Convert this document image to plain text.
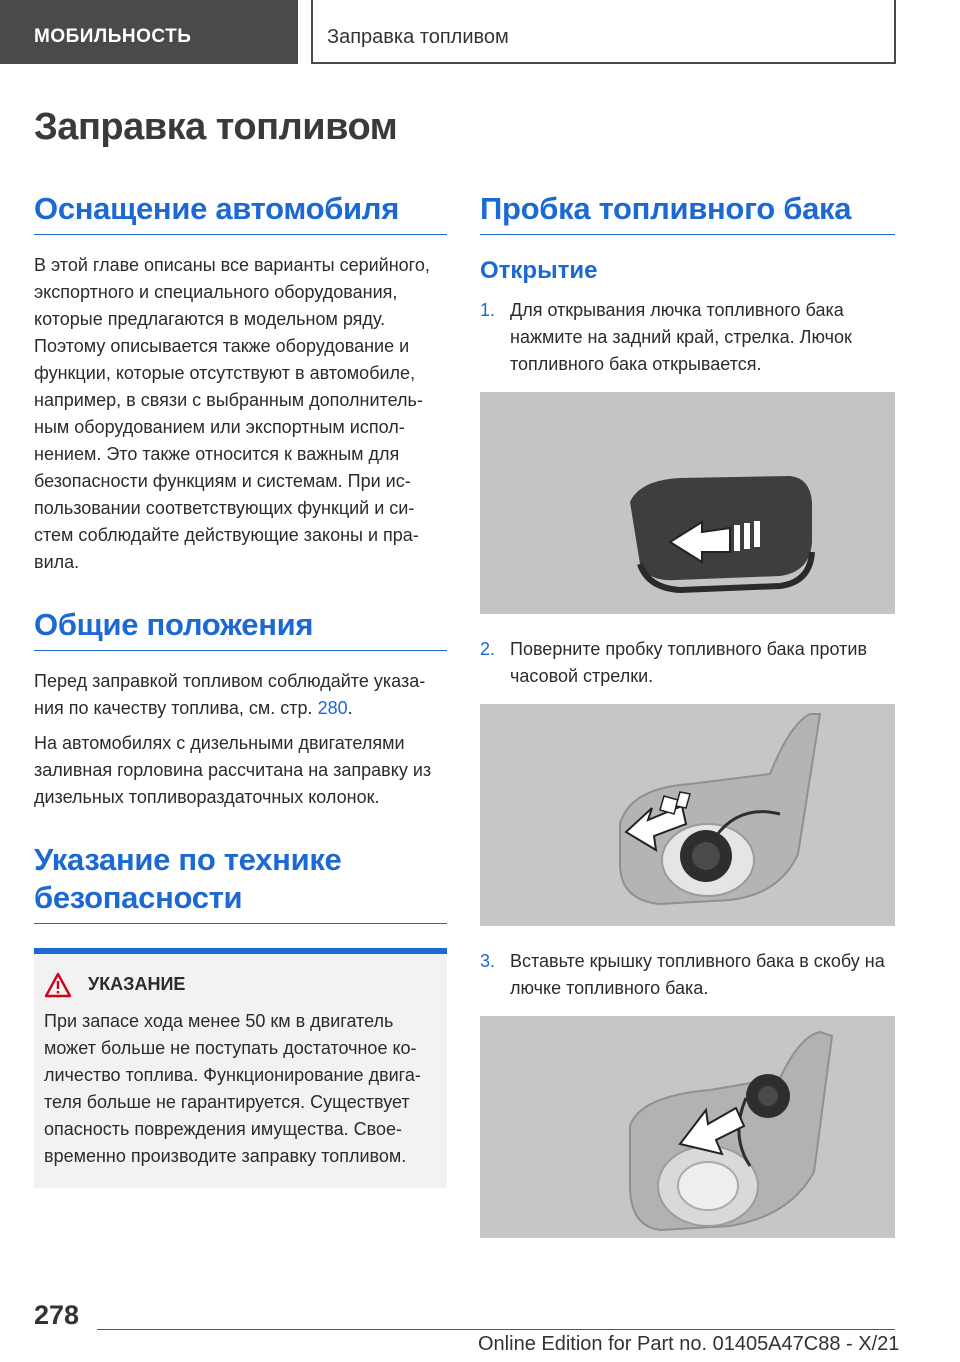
МОБИЛЬНОСТЬ	Заправка топливом
Заправка топливом
Оснащение автомобиля

В этой главе описаны все варианты серийного, экспортного и специального оборудования, которые предлагаются в модельном ряду. Поэтому описывается также оборудование и функции, которые отсутствуют в автомобиле, например, в связи с выбранным дополнительным оборудованием или экспортным исполнением. Это также относится к важным для безопасности функциям и системам. При использовании соответствующих функций и систем соблюдайте действующие законы и правила.

Общие положения

Перед заправкой топливом соблюдайте указания по качеству топлива, см. стр. 280.

На автомобилях с дизельными двигателями заливная горловина рассчитана на заправку из дизельных топливораздаточных колонок.

Указание по технике безопасности
УКАЗАНИЕ

При запасе хода менее 50 км в двигатель может больше не поступать достаточное количество топлива. Функционирование двигателя больше не гарантируется. Существует опасность повреждения имущества. Своевременно производите заправку топливом.

Пробка топливного бака
Открытие
1. Для открывания лючка топливного бака нажмите на задний край, стрелка. Лючок топливного бака открывается.
2. Поверните пробку топливного бака против часовой стрелки.
3. Вставьте крышку топливного бака в скобу на лючке топливного бака.
278
Online Edition for Part no. 01405A47C88 - X/21
